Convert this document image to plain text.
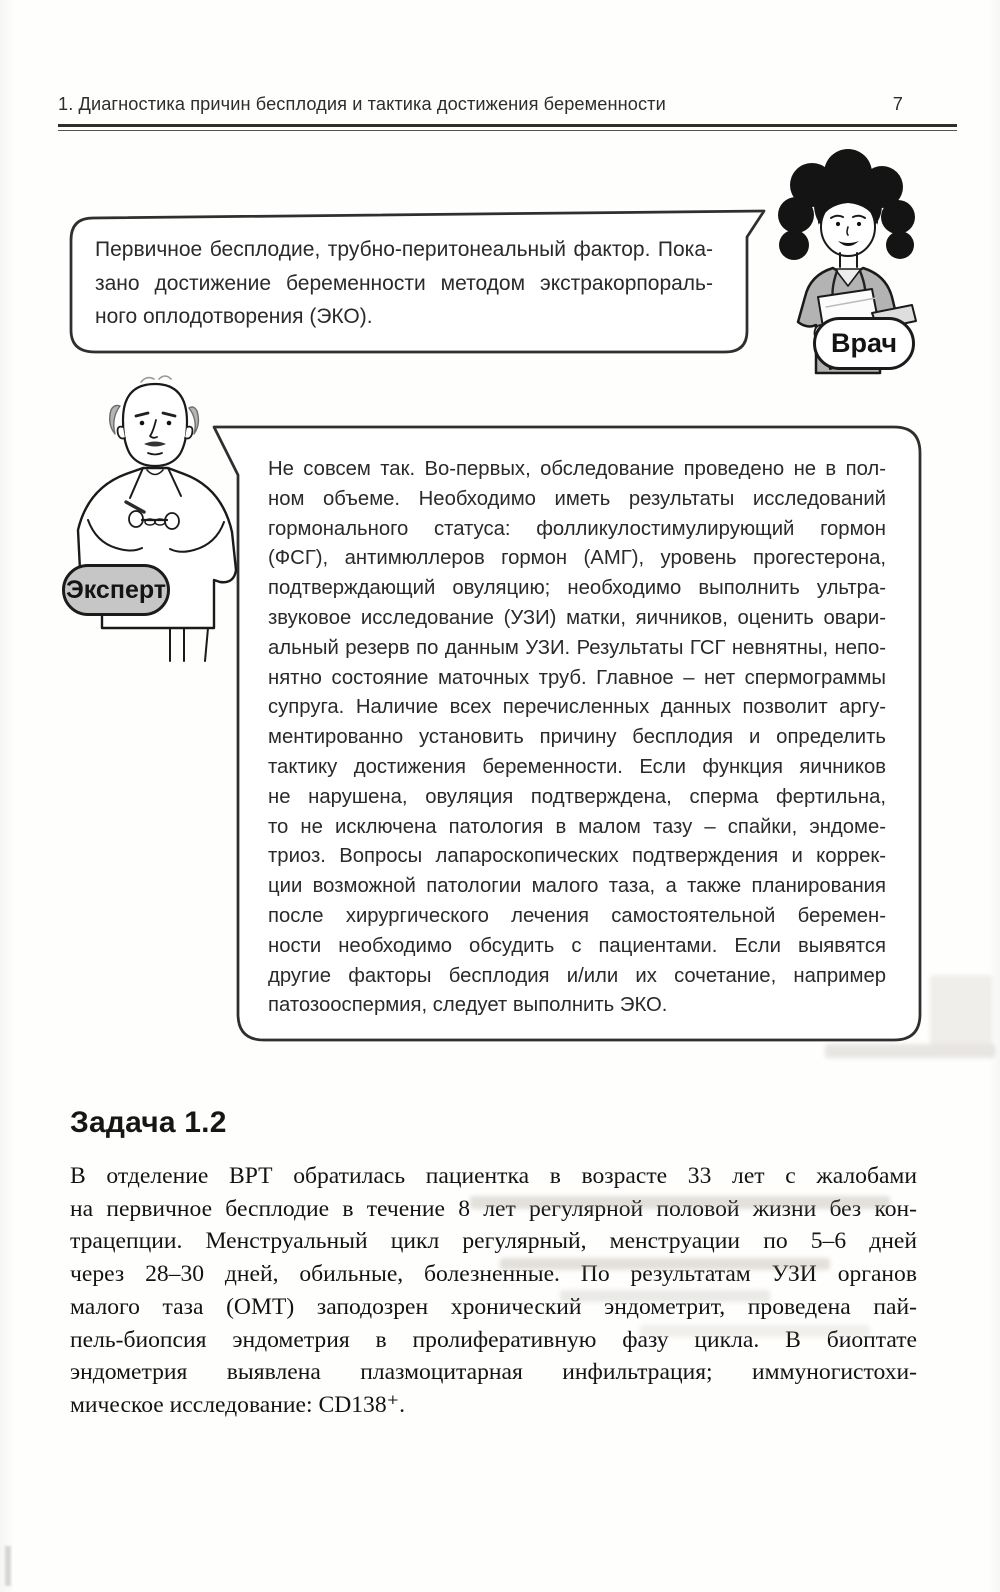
1. Диагностика причин бесплодия и тактика достижения беременности	7
Первичное бесплодие, трубно-перитонеальный фактор. Пока-
зано достижение беременности методом экстракорпораль-
ного оплодотворения (ЭКО).
Врач
Не совсем так. Во-первых, обследование проведено не в пол-
ном объеме. Необходимо иметь результаты исследований
гормонального статуса: фолликулостимулирующий гормон
(ФСГ), антимюллеров гормон (АМГ), уровень прогестерона,
подтверждающий овуляцию; необходимо выполнить ультра-
звуковое исследование (УЗИ) матки, яичников, оценить овари-
альный резерв по данным УЗИ. Результаты ГСГ невнятны, непо-
нятно состояние маточных труб. Главное – нет спермограммы
супруга. Наличие всех перечисленных данных позволит аргу-
ментированно установить причину бесплодия и определить
тактику достижения беременности. Если функция яичников
не нарушена, овуляция подтверждена, сперма фертильна,
то не исключена патология в малом тазу – спайки, эндоме-
триоз. Вопросы лапароскопических подтверждения и коррек-
ции возможной патологии малого таза, а также планирования
после хирургического лечения самостоятельной беремен-
ности необходимо обсудить с пациентами. Если выявятся
другие факторы бесплодия и/или их сочетание, например
патозооспермия, следует выполнить ЭКО.
Эксперт
Задача 1.2
В отделение ВРТ обратилась пациентка в возрасте 33 лет с жалобами
на первичное бесплодие в течение 8 лет регулярной половой жизни без кон-
трацепции. Менструальный цикл регулярный, менструации по 5–6 дней
через 28–30 дней, обильные, болезненные. По результатам УЗИ органов
малого таза (ОМТ) заподозрен хронический эндометрит, проведена пай-
пель-биопсия эндометрия в пролиферативную фазу цикла. В биоптате
эндометрия выявлена плазмоцитарная инфильтрация; иммуногистохи-
мическое исследование: CD138⁺.
